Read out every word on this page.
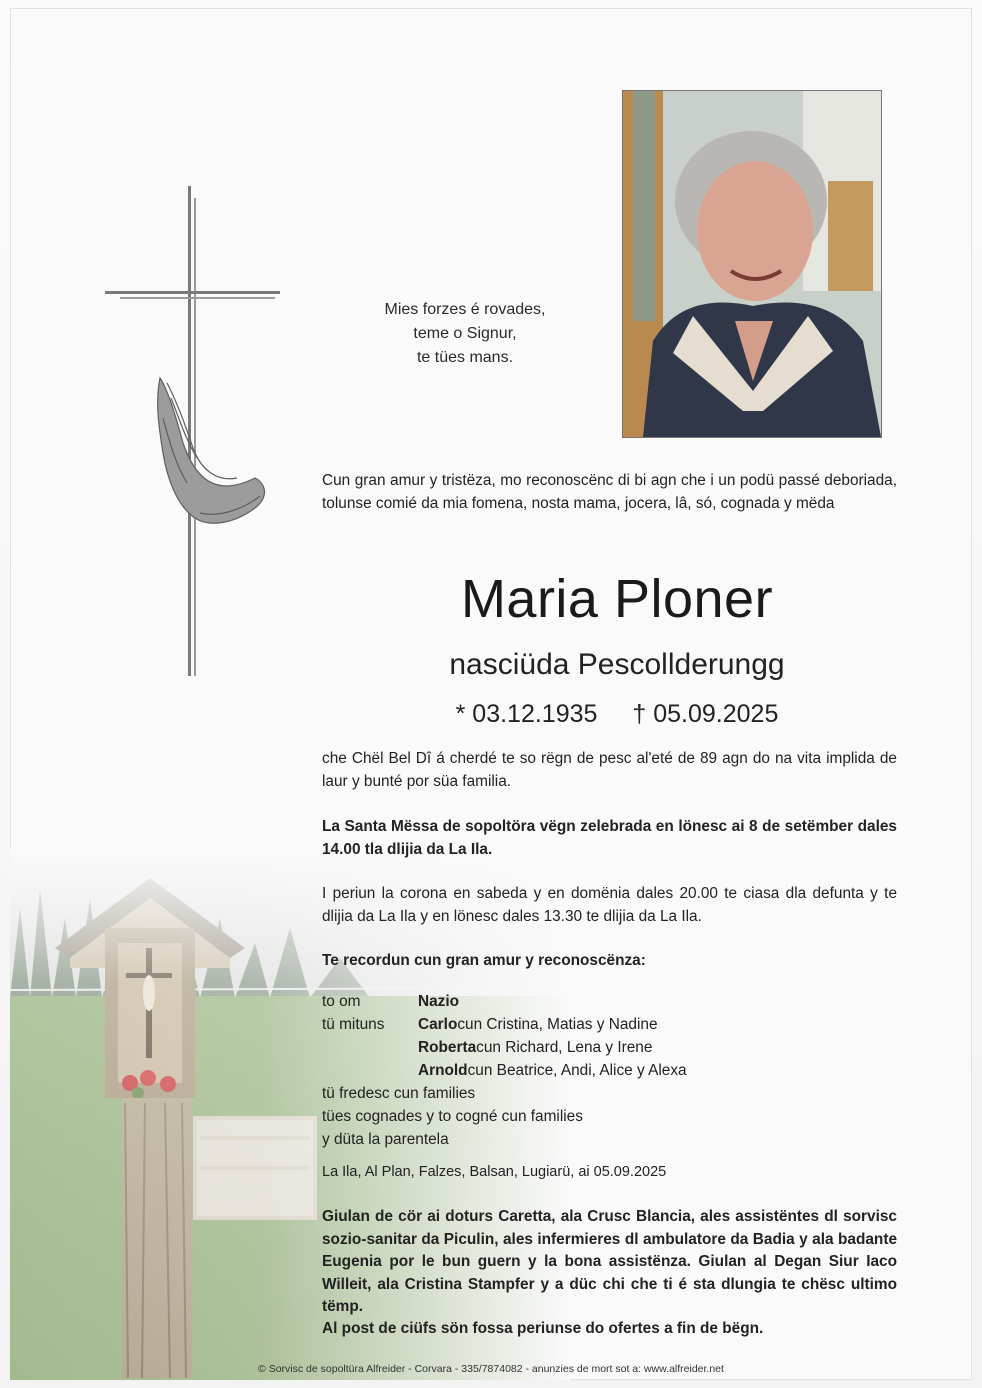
Mies forzes é rovades,
teme o Signur,
te tües mans.
Cun gran amur y tristëza, mo reconoscënc di bi agn che i un podü passé deboriada, tolunse comié da mia fomena, nosta mama, jocera, lâ, só, cognada y mëda
Maria Ploner
nasciüda Pescollderungg
* 03.12.1935 † 05.09.2025
che Chël Bel Dî á cherdé te so rëgn de pesc al'eté de 89 agn do na vita implida de laur y bunté por süa familia.
La Santa Mëssa de sopoltöra vëgn zelebrada en lönesc ai 8 de setëmber dales 14.00 tla dlijia da La Ila.
I periun la corona en sabeda y en domënia dales 20.00 te ciasa dla defunta y te dlijia da La Ila y en lönesc dales 13.30 te dlijia da La Ila.
Te recordun cun gran amur y reconoscënza:
to om	Nazio
tü mituns	Carlo cun Cristina, Matias y Nadine
Roberta cun Richard, Lena y Irene
Arnold cun Beatrice, Andi, Alice y Alexa
tü fredesc cun families
tües cognades y to cogné cun families
y düta la parentela
La Ila, Al Plan, Falzes, Balsan, Lugiarü, ai 05.09.2025
Giulan de cör ai doturs Caretta, ala Crusc Blancia, ales assistëntes dl sorvisc sozio-sanitar da Piculin, ales infermieres dl ambulatore da Badia y ala badante Eugenia por le bun guern y la bona assistënza. Giulan al Degan Siur Iaco Willeit, ala Cristina Stampfer y a düc chi che ti é sta dlungia te chësc ultimo tëmp.
Al post de ciüfs sön fossa periunse do ofertes a fin de bëgn.
© Sorvisc de sopoltüra Alfreider - Corvara - 335/7874082 - anunzies de mort sot a: www.alfreider.net
